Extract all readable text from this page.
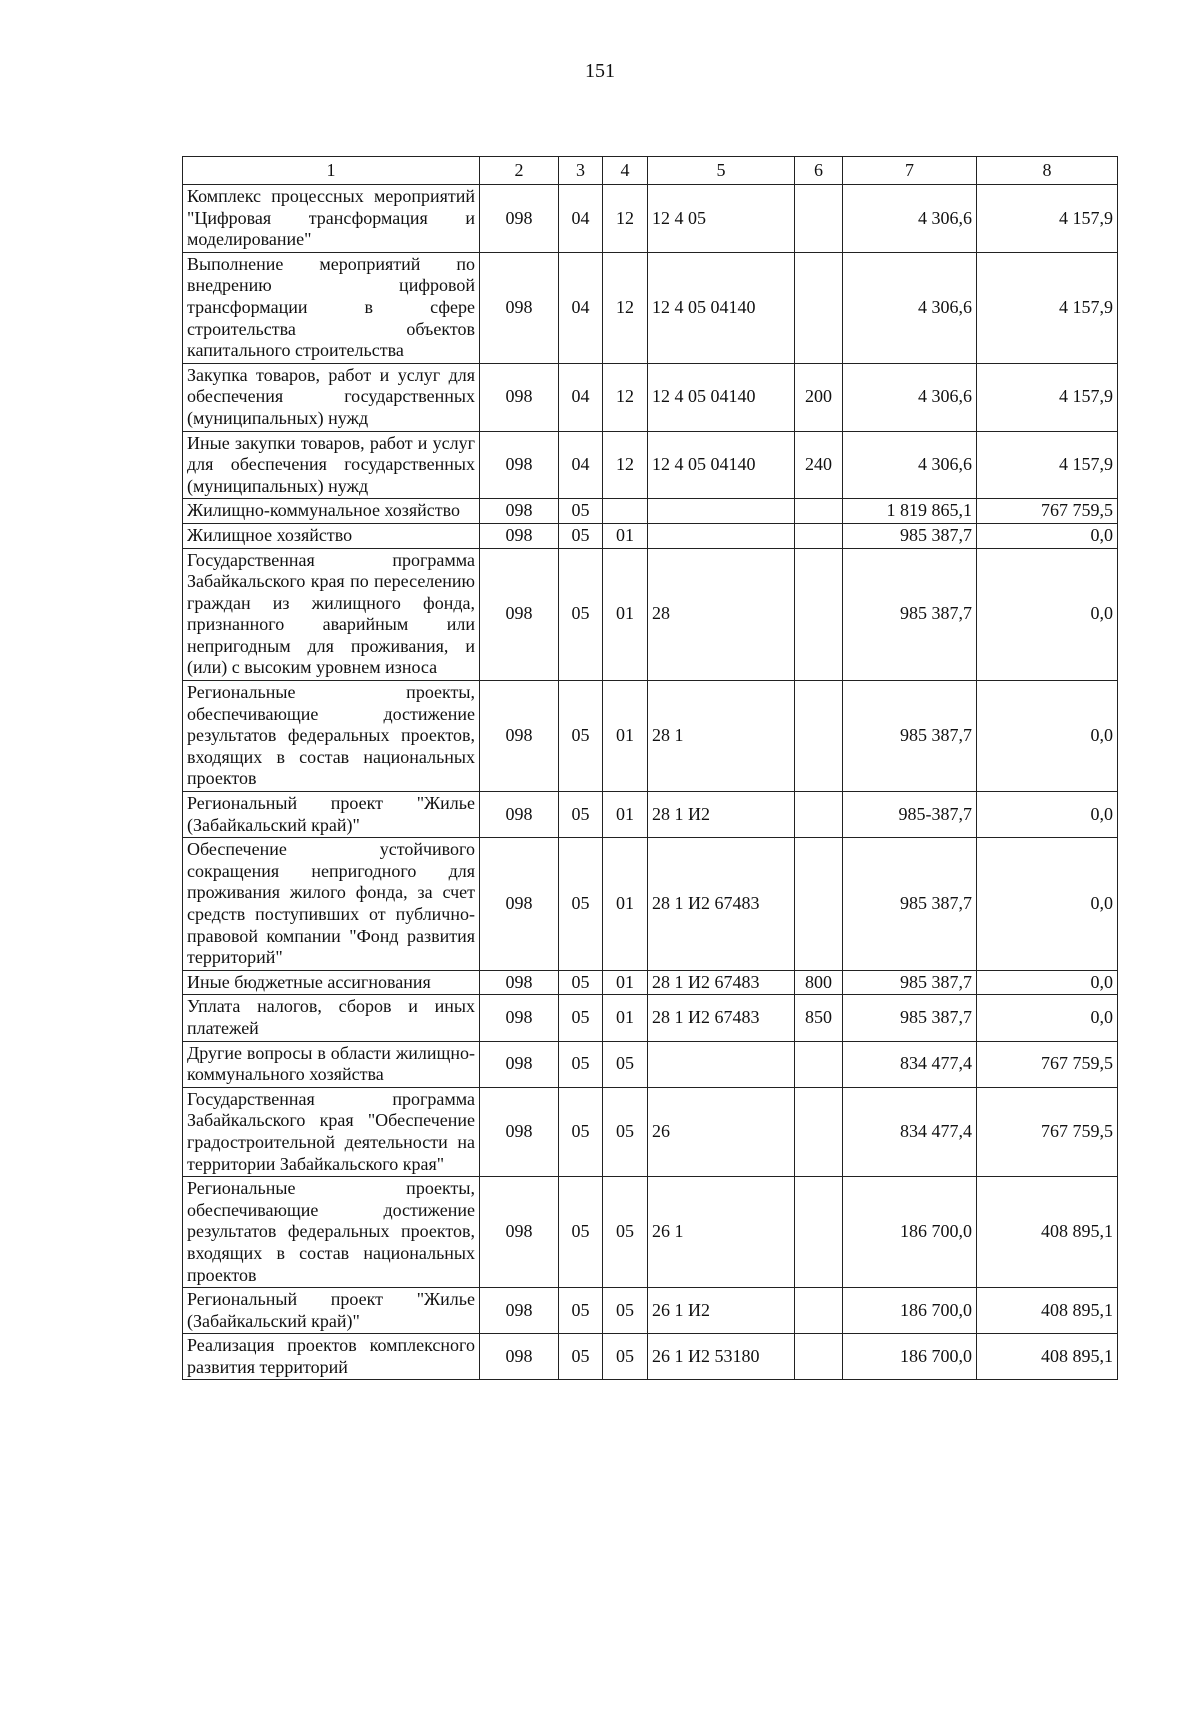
151
1	2	3	4	5	6	7	8
Комплекс процессных мероприятий "Цифровая трансформация и моделирование"	098	04	12	12 4 05		4 306,6	4 157,9
Выполнение мероприятий по внедрению цифровой трансформации в сфере строительства объектов капитального строительства	098	04	12	12 4 05 04140		4 306,6	4 157,9
Закупка товаров, работ и услуг для обеспечения государственных (муниципальных) нужд	098	04	12	12 4 05 04140	200	4 306,6	4 157,9
Иные закупки товаров, работ и услуг для обеспечения государственных (муниципальных) нужд	098	04	12	12 4 05 04140	240	4 306,6	4 157,9
Жилищно-коммунальное хозяйство	098	05				1 819 865,1	767 759,5
Жилищное хозяйство	098	05	01			985 387,7	0,0
Государственная программа Забайкальского края по переселению граждан из жилищного фонда, признанного аварийным или непригодным для проживания, и (или) с высоким уровнем износа	098	05	01	28		985 387,7	0,0
Региональные проекты, обеспечивающие достижение результатов федеральных проектов, входящих в состав национальных проектов	098	05	01	28 1		985 387,7	0,0
Региональный проект "Жилье (Забайкальский край)"	098	05	01	28 1 И2		985-387,7	0,0
Обеспечение устойчивого сокращения непригодного для проживания жилого фонда, за счет средств поступивших от публично-правовой компании "Фонд развития территорий"	098	05	01	28 1 И2 67483		985 387,7	0,0
Иные бюджетные ассигнования	098	05	01	28 1 И2 67483	800	985 387,7	0,0
Уплата налогов, сборов и иных платежей	098	05	01	28 1 И2 67483	850	985 387,7	0,0
Другие вопросы в области жилищно-коммунального хозяйства	098	05	05			834 477,4	767 759,5
Государственная программа Забайкальского края "Обеспечение градостроительной деятельности на территории Забайкальского края"	098	05	05	26		834 477,4	767 759,5
Региональные проекты, обеспечивающие достижение результатов федеральных проектов, входящих в состав национальных проектов	098	05	05	26 1		186 700,0	408 895,1
Региональный проект "Жилье (Забайкальский край)"	098	05	05	26 1 И2		186 700,0	408 895,1
Реализация проектов комплексного развития территорий	098	05	05	26 1 И2 53180		186 700,0	408 895,1
